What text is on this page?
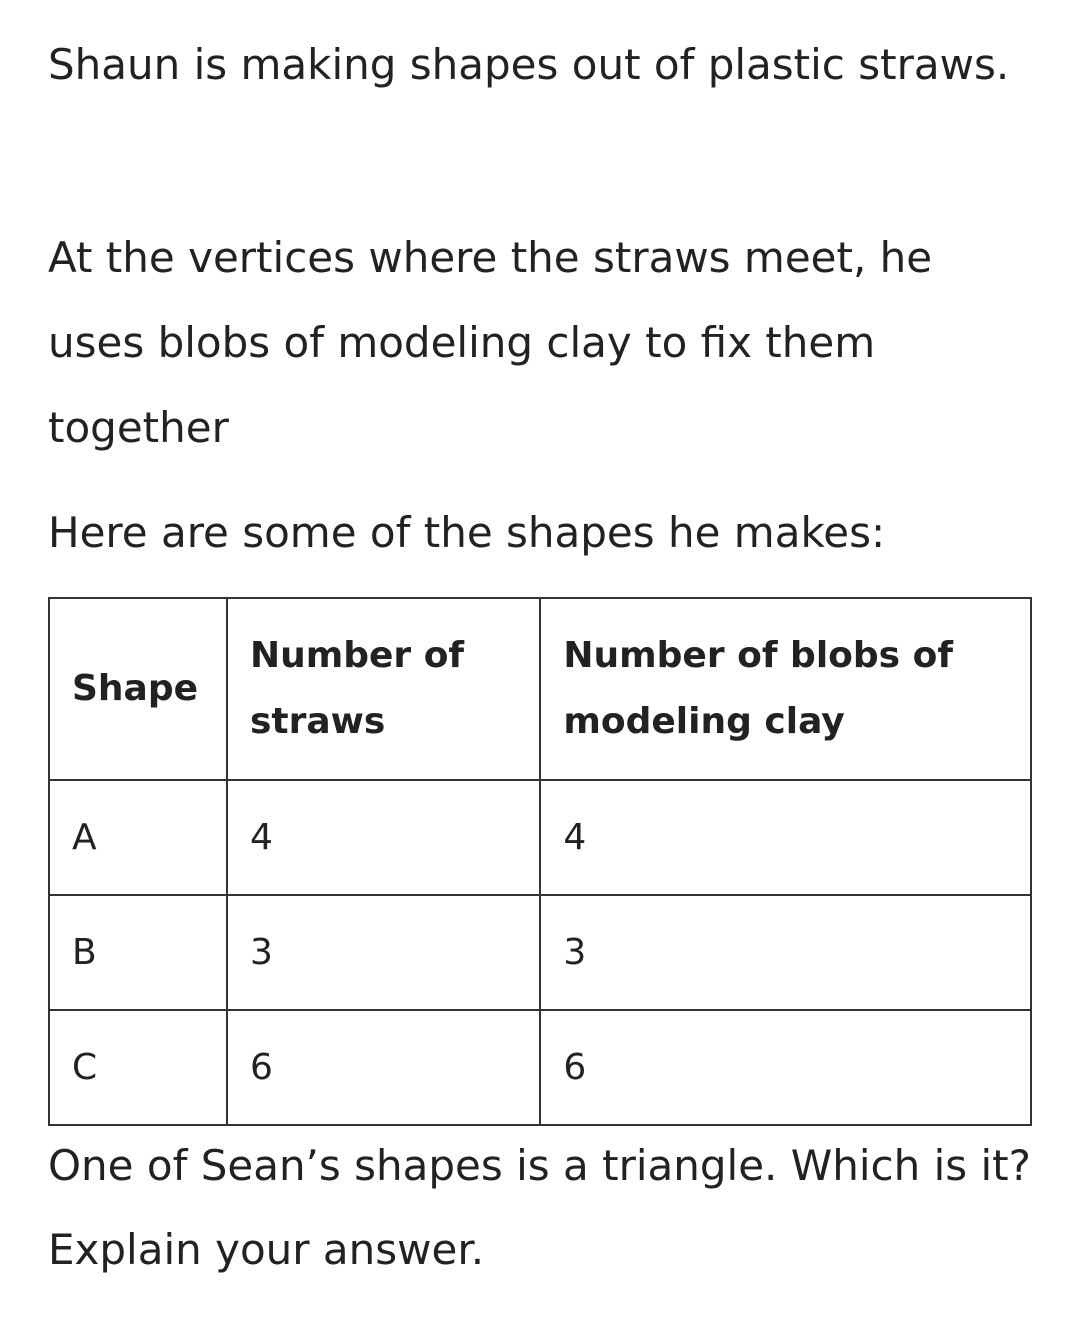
Shaun is making shapes out of plastic straws.

At the vertices where the straws meet, he uses blobs of modeling clay to fix them together

Here are some of the shapes he makes:

Shape	Number of straws	Number of blobs of modeling clay
A	4	4
B	3	3
C	6	6

One of Sean’s shapes is a triangle. Which is it? Explain your answer.
